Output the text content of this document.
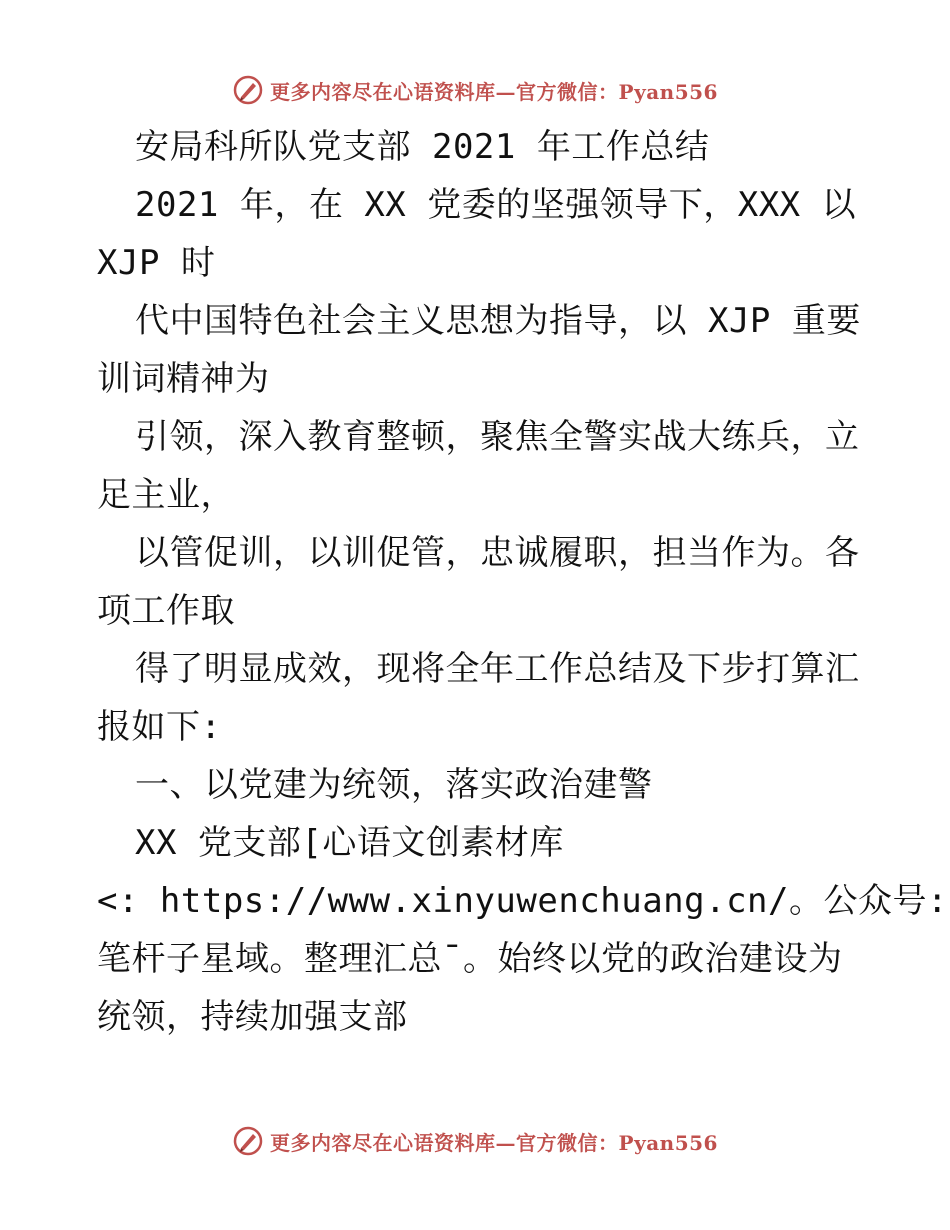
更多内容尽在心语资料库—官方微信：Pyan556
安局科所队党支部 2021 年工作总结
2021 年，在 XX 党委的坚强领导下，XXX 以
XJP 时
代中国特色社会主义思想为指导，以 XJP 重要
训词精神为
引领，深入教育整顿，聚焦全警实战大练兵，立
足主业，
以管促训，以训促管，忠诚履职，担当作为。各
项工作取
得了明显成效，现将全年工作总结及下步打算汇
报如下:
一、以党建为统领，落实政治建警
XX 党支部[心语文创素材库
<: https://www.xinyuwenchuang.cn/。公众号:
笔杆子星域。整理汇总¯。始终以党的政治建设为
统领，持续加强支部
更多内容尽在心语资料库—官方微信：Pyan556
